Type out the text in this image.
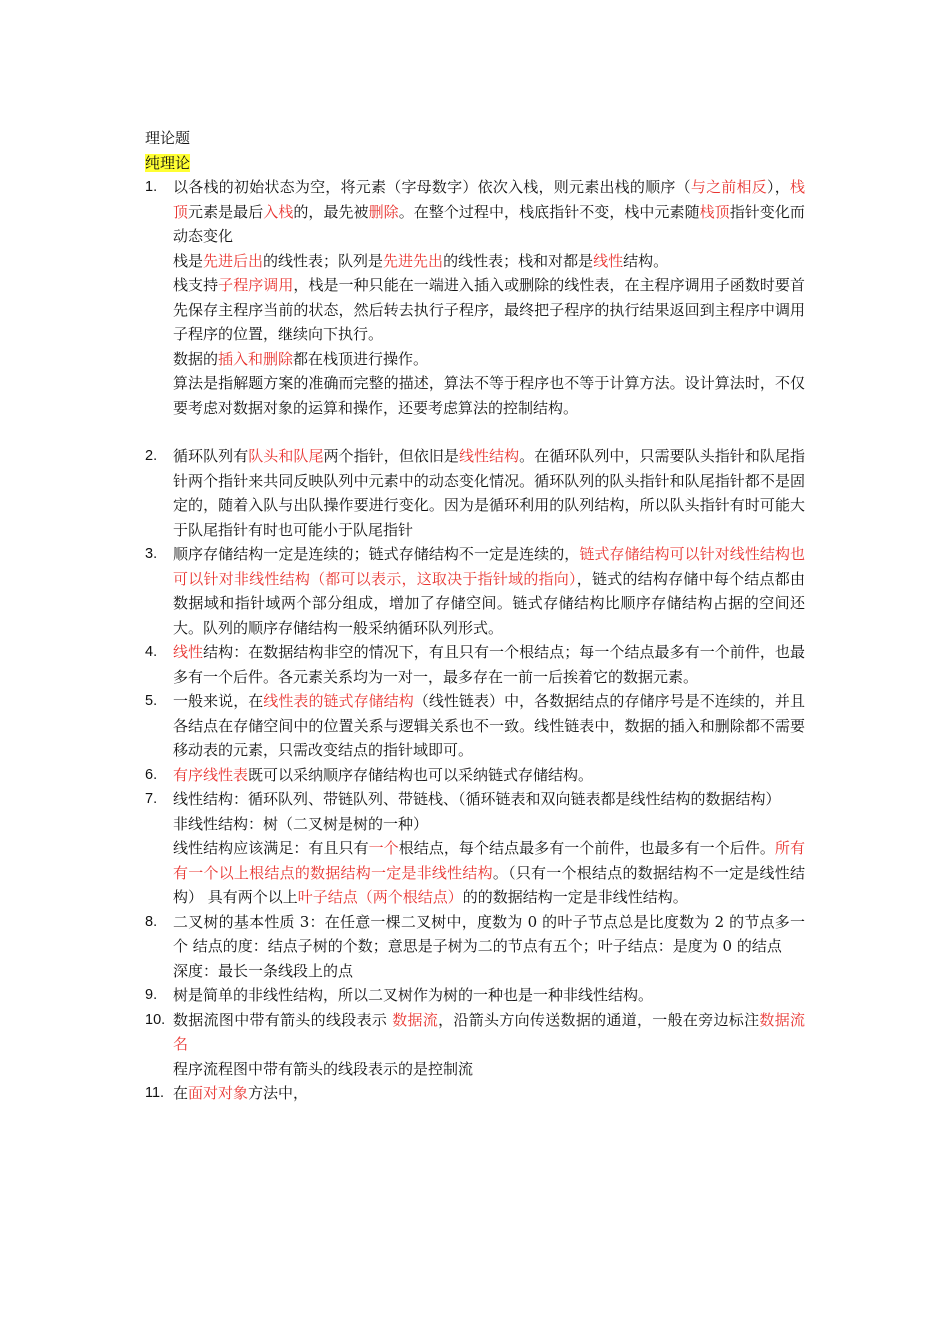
理论题

纯理论

1. 以各栈的初始状态为空，将元素（字母数字）依次入栈，则元素出栈的顺序（与之前相反），栈顶元素是最后入栈的，最先被删除。在整个过程中，栈底指针不变，栈中元素随栈顶指针变化而动态变化

栈是先进后出的线性表；队列是先进先出的线性表；栈和对都是线性结构。

栈支持子程序调用，栈是一种只能在一端进入插入或删除的线性表，在主程序调用子函数时要首先保存主程序当前的状态，然后转去执行子程序，最终把子程序的执行结果返回到主程序中调用子程序的位置，继续向下执行。

数据的插入和删除都在栈顶进行操作。

算法是指解题方案的准确而完整的描述，算法不等于程序也不等于计算方法。设计算法时，不仅要考虑对数据对象的运算和操作，还要考虑算法的控制结构。

2. 循环队列有队头和队尾两个指针，但依旧是线性结构。在循环队列中，只需要队头指针和队尾指针两个指针来共同反映队列中元素中的动态变化情况。循环队列的队头指针和队尾指针都不是固定的，随着入队与出队操作要进行变化。因为是循环利用的队列结构，所以队头指针有时可能大于队尾指针有时也可能小于队尾指针

3. 顺序存储结构一定是连续的；链式存储结构不一定是连续的，链式存储结构可以针对线性结构也可以针对非线性结构（都可以表示，这取决于指针域的指向），链式的结构存储中每个结点都由数据域和指针域两个部分组成，增加了存储空间。链式存储结构比顺序存储结构占据的空间还大。队列的顺序存储结构一般采纳循环队列形式。

4. 线性结构：在数据结构非空的情况下，有且只有一个根结点；每一个结点最多有一个前件，也最多有一个后件。各元素关系均为一对一，最多存在一前一后挨着它的数据元素。

5. 一般来说，在线性表的链式存储结构（线性链表）中，各数据结点的存储序号是不连续的，并且各结点在存储空间中的位置关系与逻辑关系也不一致。线性链表中，数据的插入和删除都不需要移动表的元素，只需改变结点的指针域即可。

6. 有序线性表既可以采纳顺序存储结构也可以采纳链式存储结构。

7. 线性结构：循环队列、带链队列、带链栈、（循环链表和双向链表都是线性结构的数据结构）

非线性结构：树（二叉树是树的一种）

线性结构应该满足：有且只有一个根结点，每个结点最多有一个前件，也最多有一个后件。所有有一个以上根结点的数据结构一定是非线性结构。（只有一个根结点的数据结构不一定是线性结构） 具有两个以上叶子结点（两个根结点）的的数据结构一定是非线性结构。

8. 二叉树的基本性质 3：在任意一棵二叉树中，度数为 0 的叶子节点总是比度数为 2 的节点多一个 结点的度：结点子树的个数；意思是子树为二的节点有五个；叶子结点：是度为 0 的结点

深度：最长一条线段上的点

9. 树是简单的非线性结构，所以二叉树作为树的一种也是一种非线性结构。

10. 数据流图中带有箭头的线段表示 数据流，沿箭头方向传送数据的通道，一般在旁边标注数据流名

程序流程图中带有箭头的线段表示的是控制流

11. 在面对对象方法中，
